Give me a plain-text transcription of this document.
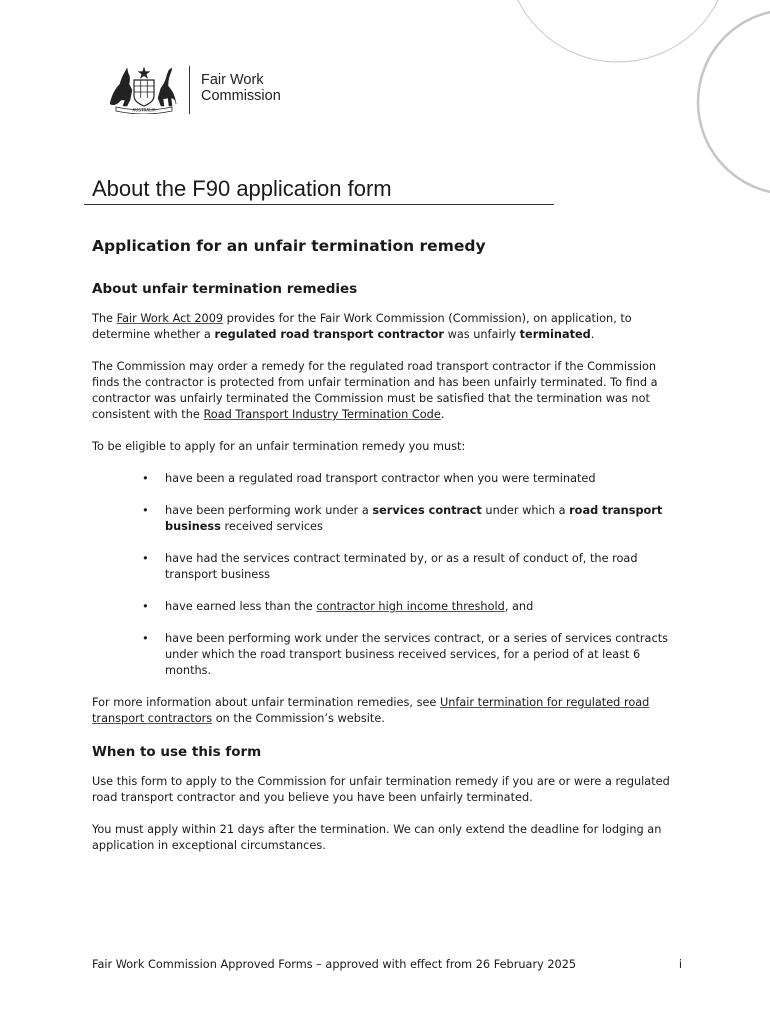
AUSTRALIA
Fair Work
Commission
About the F90 application form
Application for an unfair termination remedy
About unfair termination remedies

The Fair Work Act 2009 provides for the Fair Work Commission (Commission), on application, to determine whether a regulated road transport contractor was unfairly terminated.

The Commission may order a remedy for the regulated road transport contractor if the Commission finds the contractor is protected from unfair termination and has been unfairly terminated. To find a contractor was unfairly terminated the Commission must be satisfied that the termination was not consistent with the Road Transport Industry Termination Code.

To be eligible to apply for an unfair termination remedy you must:

• have been a regulated road transport contractor when you were terminated
• have been performing work under a services contract under which a road transport business received services
• have had the services contract terminated by, or as a result of conduct of, the road transport business
• have earned less than the contractor high income threshold, and
• have been performing work under the services contract, or a series of services contracts under which the road transport business received services, for a period of at least 6 months.

For more information about unfair termination remedies, see Unfair termination for regulated road transport contractors on the Commission’s website.

When to use this form

Use this form to apply to the Commission for unfair termination remedy if you are or were a regulated road transport contractor and you believe you have been unfairly terminated.

You must apply within 21 days after the termination. We can only extend the deadline for lodging an application in exceptional circumstances.

Fair Work Commission Approved Forms – approved with effect from 26 February 2025	i
